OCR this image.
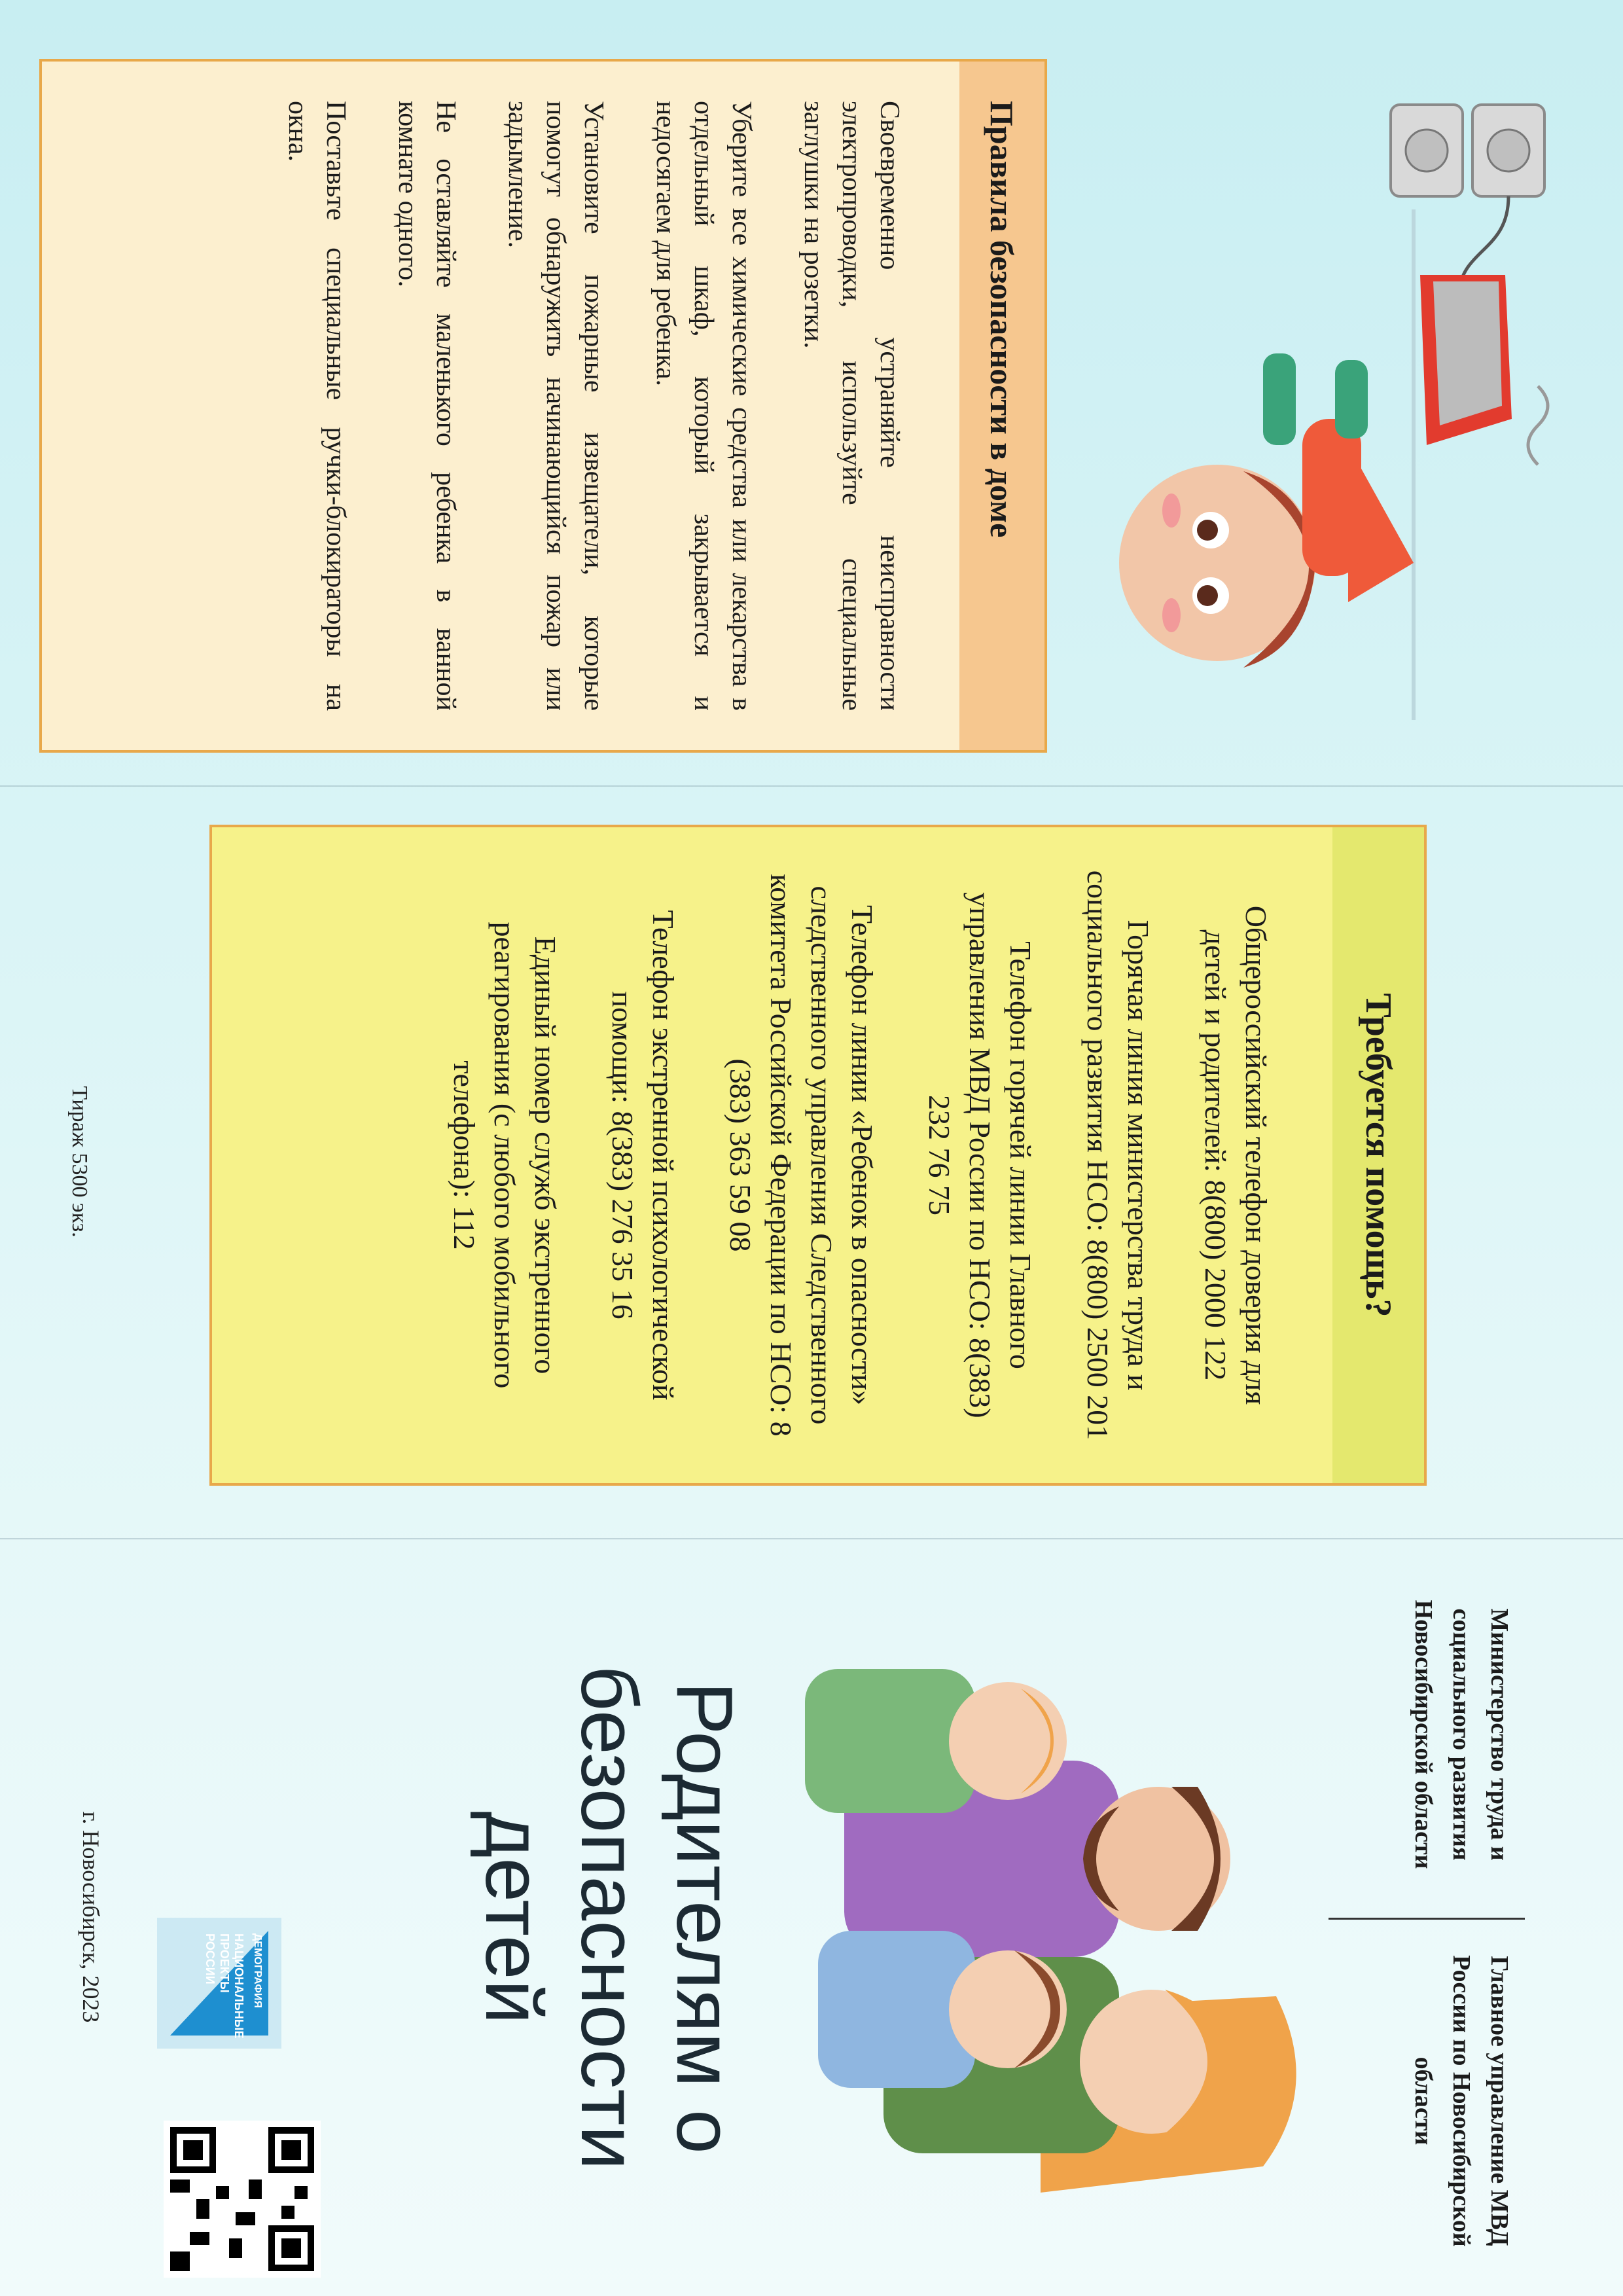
Правила безопасности в доме

Своевременно устраняйте неисправности электропроводки, используйте специальные заглушки на розетки.

Уберите все химические средства или лекарства в отдельный шкаф, который закрывается и недосягаем для ребенка.

Установите пожарные извещатели, которые помогут обнаружить начинающийся пожар или задымление.

Не оставляйте маленького ребенка в ванной комнате одного.

Поставьте специальные ручки-блокираторы на окна.

Требуется помощь?

Общероссийский телефон доверия для детей и родителей: 8(800) 2000 122

Горячая линия министерства труда и социального развития НСО: 8(800) 2500 201

Телефон горячей линии Главного управления МВД России по НСО: 8(383) 232 76 75

Телефон линии «Ребенок в опасности» следственного управления Следственного комитета Российской Федерации по НСО: 8 (383) 363 59 08

Телефон экстренной психологической помощи: 8(383) 276 35 16

Единый номер служб экстренного реагирования (с любого мобильного телефона): 112

Тираж 5300 экз.
Министерство труда и социального развития Новосибирской области
Главное управление МВД России по Новосибирской области
Родителям о безопасности детей
ДЕМОГРАФИЯ
НАЦИОНАЛЬНЫЕ ПРОЕКТЫ РОССИИ
г. Новосибирск, 2023
